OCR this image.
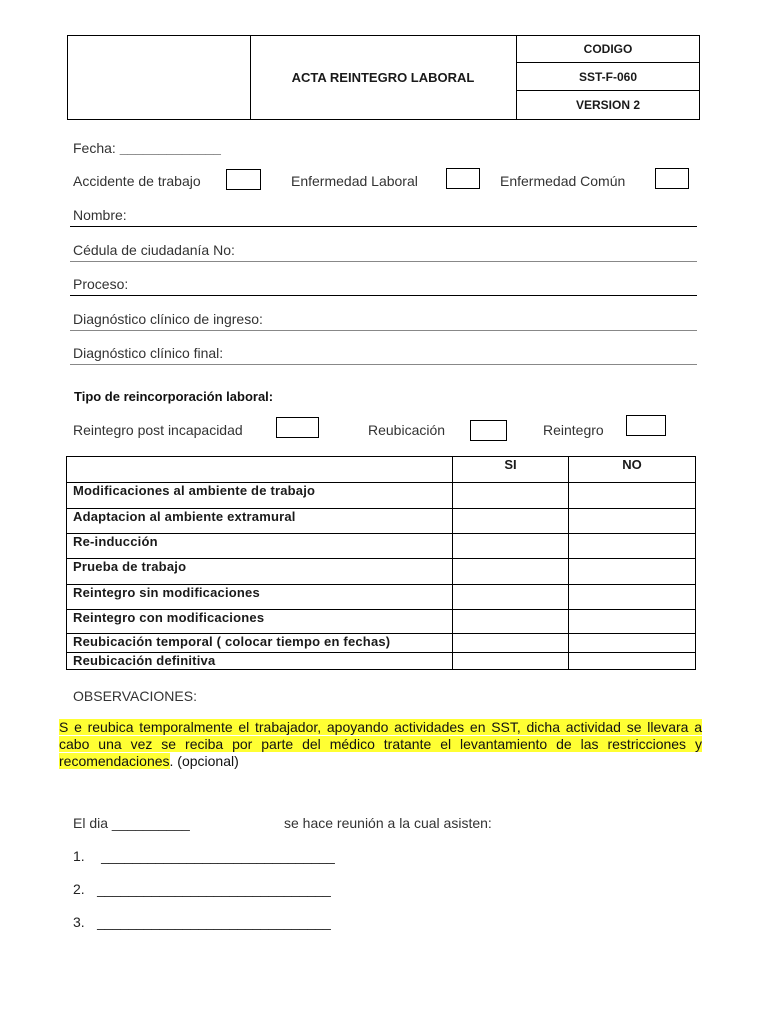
ACTA REINTEGRO LABORAL
CODIGO
SST-F-060
VERSION 2
Fecha: _____________
Accidente de trabajo	Enfermedad Laboral	Enfermedad Común
Nombre:
Cédula de ciudadanía No:
Proceso:
Diagnóstico clínico de ingreso:
Diagnóstico clínico final:
Tipo de reincorporación laboral:
Reintegro post incapacidad	Reubicación	Reintegro
	SI	NO
Modificaciones al ambiente de trabajo		
Adaptacion al ambiente extramural		
Re-inducción		
Prueba de trabajo		
Reintegro sin modificaciones		
Reintegro con modificaciones		
Reubicación temporal ( colocar tiempo en fechas)		
Reubicación definitiva		
OBSERVACIONES:
S e reubica temporalmente el trabajador, apoyando actividades en SST, dicha actividad se llevara a cabo una vez se reciba por parte del médico tratante el levantamiento de las restricciones y recomendaciones. (opcional)
El dia __________	se hace reunión a la cual asisten:
1. ______________________________
2. ______________________________
3. ______________________________
